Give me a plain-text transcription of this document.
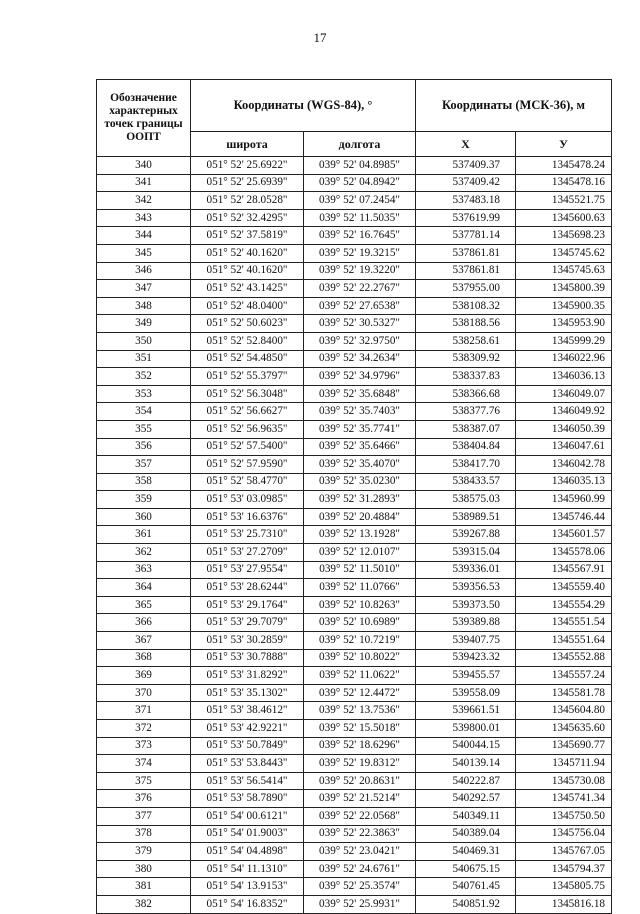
17
Обозначение характерных точек границы ООПТ	Координаты (WGS-84), °		Координаты (МСК-36), м	
	широта	долгота	Х	У
340	051° 52' 25.6922"	039° 52' 04.8985"	537409.37	1345478.24
341	051° 52' 25.6939"	039° 52' 04.8942"	537409.42	1345478.16
342	051° 52' 28.0528"	039° 52' 07.2454"	537483.18	1345521.75
343	051° 52' 32.4295"	039° 52' 11.5035"	537619.99	1345600.63
344	051° 52' 37.5819"	039° 52' 16.7645"	537781.14	1345698.23
345	051° 52' 40.1620"	039° 52' 19.3215"	537861.81	1345745.62
346	051° 52' 40.1620"	039° 52' 19.3220"	537861.81	1345745.63
347	051° 52' 43.1425"	039° 52' 22.2767"	537955.00	1345800.39
348	051° 52' 48.0400"	039° 52' 27.6538"	538108.32	1345900.35
349	051° 52' 50.6023"	039° 52' 30.5327"	538188.56	1345953.90
350	051° 52' 52.8400"	039° 52' 32.9750"	538258.61	1345999.29
351	051° 52' 54.4850"	039° 52' 34.2634"	538309.92	1346022.96
352	051° 52' 55.3797"	039° 52' 34.9796"	538337.83	1346036.13
353	051° 52' 56.3048"	039° 52' 35.6848"	538366.68	1346049.07
354	051° 52' 56.6627"	039° 52' 35.7403"	538377.76	1346049.92
355	051° 52' 56.9635"	039° 52' 35.7741"	538387.07	1346050.39
356	051° 52' 57.5400"	039° 52' 35.6466"	538404.84	1346047.61
357	051° 52' 57.9590"	039° 52' 35.4070"	538417.70	1346042.78
358	051° 52' 58.4770"	039° 52' 35.0230"	538433.57	1346035.13
359	051° 53' 03.0985"	039° 52' 31.2893"	538575.03	1345960.99
360	051° 53' 16.6376"	039° 52' 20.4884"	538989.51	1345746.44
361	051° 53' 25.7310"	039° 52' 13.1928"	539267.88	1345601.57
362	051° 53' 27.2709"	039° 52' 12.0107"	539315.04	1345578.06
363	051° 53' 27.9554"	039° 52' 11.5010"	539336.01	1345567.91
364	051° 53' 28.6244"	039° 52' 11.0766"	539356.53	1345559.40
365	051° 53' 29.1764"	039° 52' 10.8263"	539373.50	1345554.29
366	051° 53' 29.7079"	039° 52' 10.6989"	539389.88	1345551.54
367	051° 53' 30.2859"	039° 52' 10.7219"	539407.75	1345551.64
368	051° 53' 30.7888"	039° 52' 10.8022"	539423.32	1345552.88
369	051° 53' 31.8292"	039° 52' 11.0622"	539455.57	1345557.24
370	051° 53' 35.1302"	039° 52' 12.4472"	539558.09	1345581.78
371	051° 53' 38.4612"	039° 52' 13.7536"	539661.51	1345604.80
372	051° 53' 42.9221"	039° 52' 15.5018"	539800.01	1345635.60
373	051° 53' 50.7849"	039° 52' 18.6296"	540044.15	1345690.77
374	051° 53' 53.8443"	039° 52' 19.8312"	540139.14	1345711.94
375	051° 53' 56.5414"	039° 52' 20.8631"	540222.87	1345730.08
376	051° 53' 58.7890"	039° 52' 21.5214"	540292.57	1345741.34
377	051° 54' 00.6121"	039° 52' 22.0568"	540349.11	1345750.50
378	051° 54' 01.9003"	039° 52' 22.3863"	540389.04	1345756.04
379	051° 54' 04.4898"	039° 52' 23.0421"	540469.31	1345767.05
380	051° 54' 11.1310"	039° 52' 24.6761"	540675.15	1345794.37
381	051° 54' 13.9153"	039° 52' 25.3574"	540761.45	1345805.75
382	051° 54' 16.8352"	039° 52' 25.9931"	540851.92	1345816.18
